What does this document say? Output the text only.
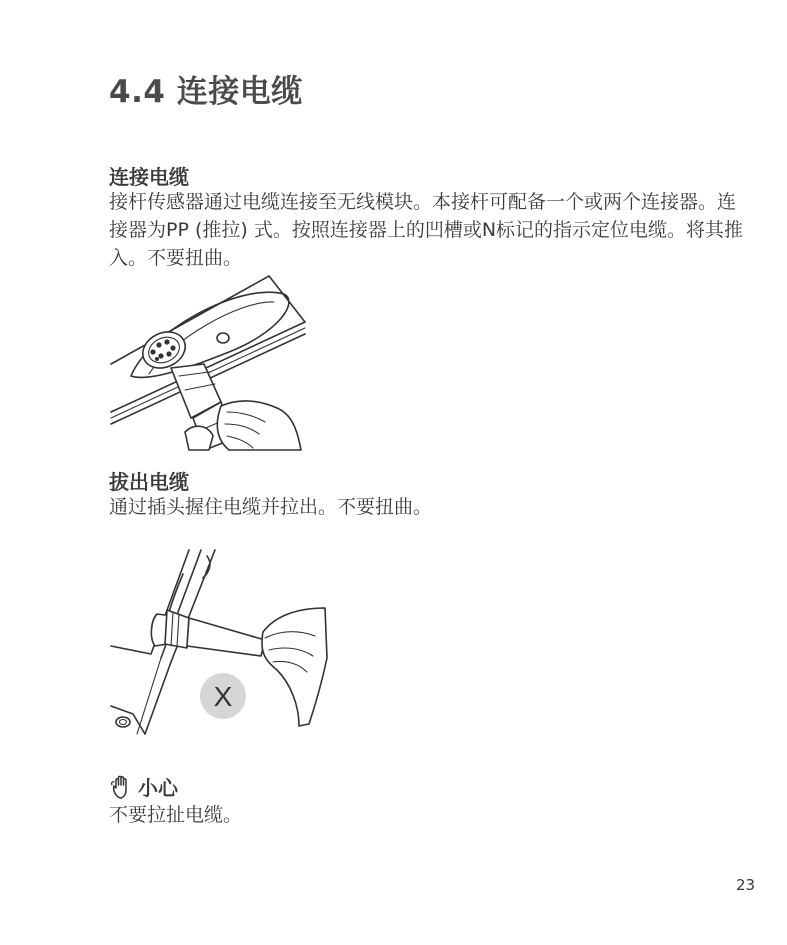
4.4 连接电缆
连接电缆
接杆传感器通过电缆连接至无线模块。本接杆可配备一个或两个连接器。连接器为PP (推拉) 式。按照连接器上的凹槽或N标记的指示定位电缆。将其推入。不要扭曲。
拔出电缆
通过插头握住电缆并拉出。不要扭曲。
X
小心
不要拉扯电缆。
23
